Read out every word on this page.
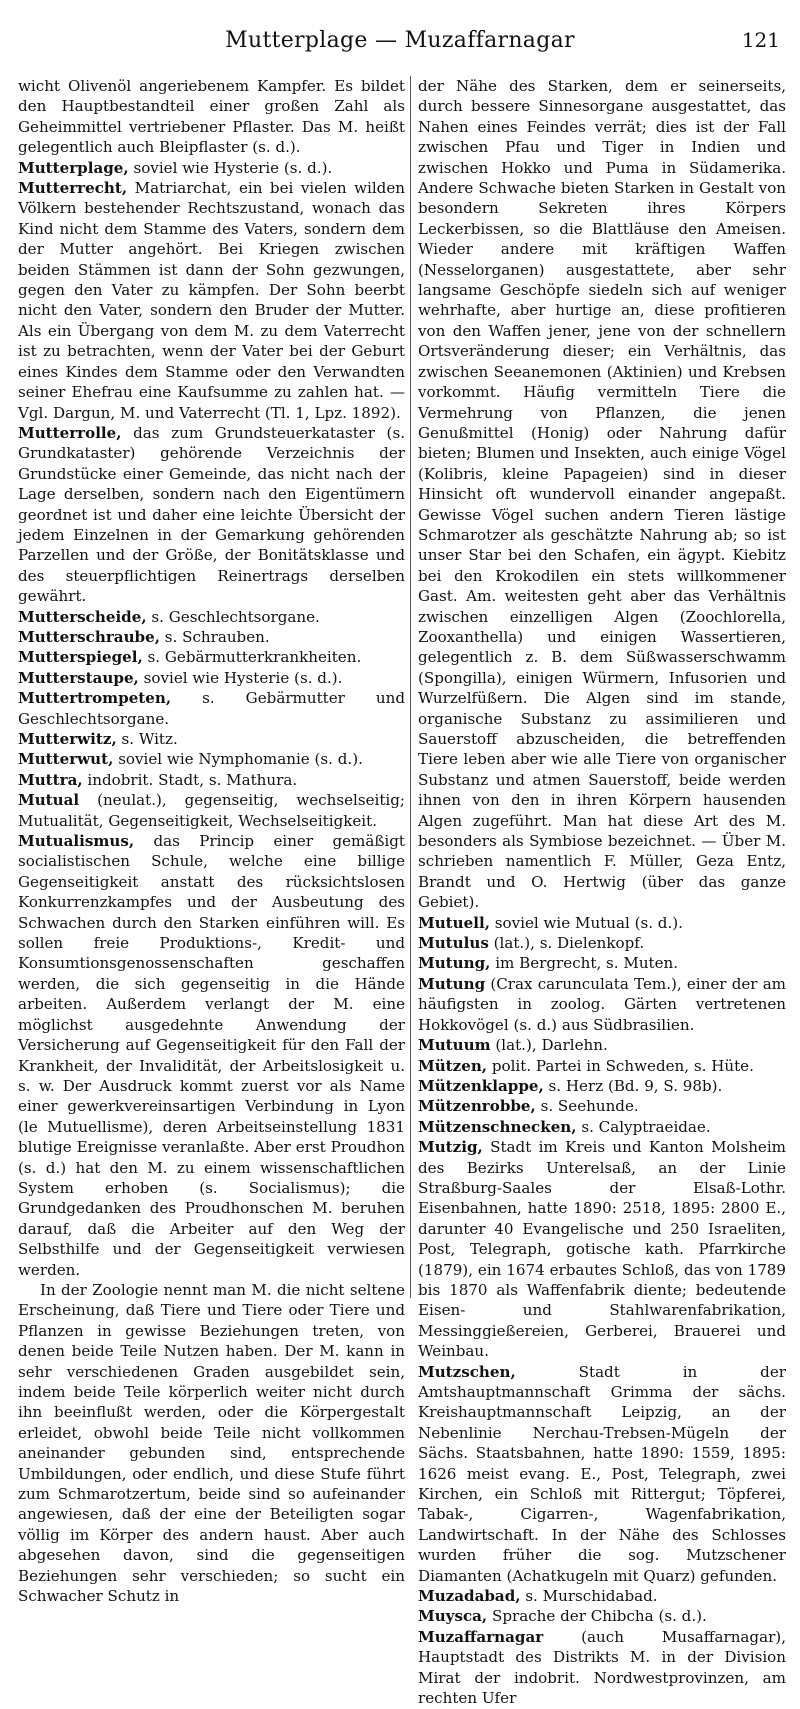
Mutterplage — Muzaffarnagar	121

wicht Olivenöl angeriebenem Kampfer. Es bildet den Hauptbestandteil einer großen Zahl als Geheimmittel vertriebener Pflaster. Das M. heißt gelegentlich auch Bleipflaster (s. d.).

Mutterplage, soviel wie Hysterie (s. d.).

Mutterrecht, Matriarchat, ein bei vielen wilden Völkern bestehender Rechtszustand, wonach das Kind nicht dem Stamme des Vaters, sondern dem der Mutter angehört. Bei Kriegen zwischen beiden Stämmen ist dann der Sohn gezwungen, gegen den Vater zu kämpfen. Der Sohn beerbt nicht den Vater, sondern den Bruder der Mutter. Als ein Übergang von dem M. zu dem Vaterrecht ist zu betrachten, wenn der Vater bei der Geburt eines Kindes dem Stamme oder den Verwandten seiner Ehefrau eine Kaufsumme zu zahlen hat. — Vgl. Dargun, M. und Vaterrecht (Tl. 1, Lpz. 1892).

Mutterrolle, das zum Grundsteuerkataster (s. Grundkataster) gehörende Verzeichnis der Grundstücke einer Gemeinde, das nicht nach der Lage derselben, sondern nach den Eigentümern geordnet ist und daher eine leichte Übersicht der jedem Einzelnen in der Gemarkung gehörenden Parzellen und der Größe, der Bonitätsklasse und des steuerpflichtigen Reinertrags derselben gewährt.

Mutterscheide, s. Geschlechtsorgane.

Mutterschraube, s. Schrauben.

Mutterspiegel, s. Gebärmutterkrankheiten.

Mutterstaupe, soviel wie Hysterie (s. d.).

Muttertrompeten, s. Gebärmutter und Geschlechtsorgane.

Mutterwitz, s. Witz.

Mutterwut, soviel wie Nymphomanie (s. d.).

Muttra, indobrit. Stadt, s. Mathura.

Mutual (neulat.), gegenseitig, wechselseitig; Mutualität, Gegenseitigkeit, Wechselseitigkeit.

Mutualismus, das Princip einer gemäßigt socialistischen Schule, welche eine billige Gegenseitigkeit anstatt des rücksichtslosen Konkurrenzkampfes und der Ausbeutung des Schwachen durch den Starken einführen will. Es sollen freie Produktions-, Kredit- und Konsumtionsgenossenschaften geschaffen werden, die sich gegenseitig in die Hände arbeiten. Außerdem verlangt der M. eine möglichst ausgedehnte Anwendung der Versicherung auf Gegenseitigkeit für den Fall der Krankheit, der Invalidität, der Arbeitslosigkeit u. s. w. Der Ausdruck kommt zuerst vor als Name einer gewerkvereinsartigen Verbindung in Lyon (le Mutuellisme), deren Arbeitseinstellung 1831 blutige Ereignisse veranlaßte. Aber erst Proudhon (s. d.) hat den M. zu einem wissenschaftlichen System erhoben (s. Socialismus); die Grundgedanken des Proudhonschen M. beruhen darauf, daß die Arbeiter auf den Weg der Selbsthilfe und der Gegenseitigkeit verwiesen werden.

In der Zoologie nennt man M. die nicht seltene Erscheinung, daß Tiere und Tiere oder Tiere und Pflanzen in gewisse Beziehungen treten, von denen beide Teile Nutzen haben. Der M. kann in sehr verschiedenen Graden ausgebildet sein, indem beide Teile körperlich weiter nicht durch ihn beeinflußt werden, oder die Körpergestalt erleidet, obwohl beide Teile nicht vollkommen aneinander gebunden sind, entsprechende Umbildungen, oder endlich, und diese Stufe führt zum Schmarotzertum, beide sind so aufeinander angewiesen, daß der eine der Beteiligten sogar völlig im Körper des andern haust. Aber auch abgesehen davon, sind die gegenseitigen Beziehungen sehr verschieden; so sucht ein Schwacher Schutz in

der Nähe des Starken, dem er seinerseits, durch bessere Sinnesorgane ausgestattet, das Nahen eines Feindes verrät; dies ist der Fall zwischen Pfau und Tiger in Indien und zwischen Hokko und Puma in Südamerika. Andere Schwache bieten Starken in Gestalt von besondern Sekreten ihres Körpers Leckerbissen, so die Blattläuse den Ameisen. Wieder andere mit kräftigen Waffen (Nesselorganen) ausgestattete, aber sehr langsame Geschöpfe siedeln sich auf weniger wehrhafte, aber hurtige an, diese profitieren von den Waffen jener, jene von der schnellern Ortsveränderung dieser; ein Verhältnis, das zwischen Seeanemonen (Aktinien) und Krebsen vorkommt. Häufig vermitteln Tiere die Vermehrung von Pflanzen, die jenen Genußmittel (Honig) oder Nahrung dafür bieten; Blumen und Insekten, auch einige Vögel (Kolibris, kleine Papageien) sind in dieser Hinsicht oft wundervoll einander angepaßt. Gewisse Vögel suchen andern Tieren lästige Schmarotzer als geschätzte Nahrung ab; so ist unser Star bei den Schafen, ein ägypt. Kiebitz bei den Krokodilen ein stets willkommener Gast. Am. weitesten geht aber das Verhältnis zwischen einzelligen Algen (Zoochlorella, Zooxanthella) und einigen Wassertieren, gelegentlich z. B. dem Süßwasserschwamm (Spongilla), einigen Würmern, Infusorien und Wurzelfüßern. Die Algen sind im stande, organische Substanz zu assimilieren und Sauerstoff abzuscheiden, die betreffenden Tiere leben aber wie alle Tiere von organischer Substanz und atmen Sauerstoff, beide werden ihnen von den in ihren Körpern hausenden Algen zugeführt. Man hat diese Art des M. besonders als Symbiose bezeichnet. — Über M. schrieben namentlich F. Müller, Geza Entz, Brandt und O. Hertwig (über das ganze Gebiet).

Mutuell, soviel wie Mutual (s. d.).

Mutulus (lat.), s. Dielenkopf.

Mutung, im Bergrecht, s. Muten.

Mutung (Crax carunculata Tem.), einer der am häufigsten in zoolog. Gärten vertretenen Hokkovögel (s. d.) aus Südbrasilien.

Mutuum (lat.), Darlehn.

Mützen, polit. Partei in Schweden, s. Hüte.

Mützenklappe, s. Herz (Bd. 9, S. 98b).

Mützenrobbe, s. Seehunde.

Mützenschnecken, s. Calyptraeidae.

Mutzig, Stadt im Kreis und Kanton Molsheim des Bezirks Unterelsaß, an der Linie Straßburg-Saales der Elsaß-Lothr. Eisenbahnen, hatte 1890: 2518, 1895: 2800 E., darunter 40 Evangelische und 250 Israeliten, Post, Telegraph, gotische kath. Pfarrkirche (1879), ein 1674 erbautes Schloß, das von 1789 bis 1870 als Waffenfabrik diente; bedeutende Eisen- und Stahlwarenfabrikation, Messinggießereien, Gerberei, Brauerei und Weinbau.

Mutzschen, Stadt in der Amtshauptmannschaft Grimma der sächs. Kreishauptmannschaft Leipzig, an der Nebenlinie Nerchau-Trebsen-Mügeln der Sächs. Staatsbahnen, hatte 1890: 1559, 1895: 1626 meist evang. E., Post, Telegraph, zwei Kirchen, ein Schloß mit Rittergut; Töpferei, Tabak-, Cigarren-, Wagenfabrikation, Landwirtschaft. In der Nähe des Schlosses wurden früher die sog. Mutzschener Diamanten (Achatkugeln mit Quarz) gefunden.

Muzadabad, s. Murschidabad.

Muysca, Sprache der Chibcha (s. d.).

Muzaffarnagar (auch Musaffarnagar), Hauptstadt des Distrikts M. in der Division Mirat der indobrit. Nordwestprovinzen, am rechten Ufer
